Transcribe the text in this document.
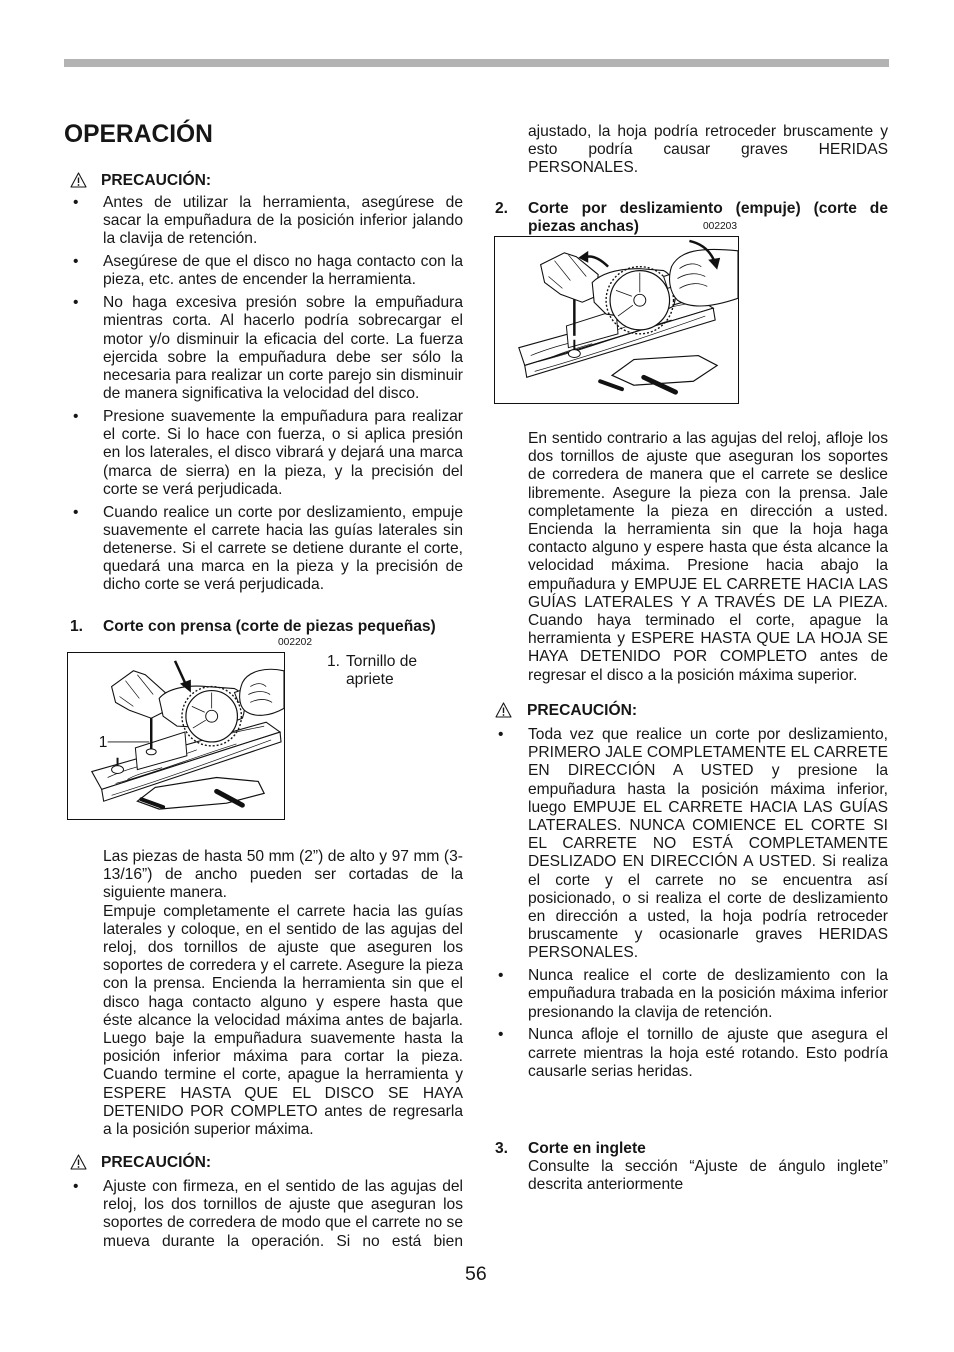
OPERACIÓN
PRECAUCIÓN:
• Antes de utilizar la herramienta, asegúrese de sacar la empuñadura de la posición inferior jalando la clavija de retención.
• Asegúrese de que el disco no haga contacto con la pieza, etc. antes de encender la herramienta.
• No haga excesiva presión sobre la empuñadura mientras corta. Al hacerlo podría sobrecargar el motor y/o disminuir la eficacia del corte. La fuerza ejercida sobre la empuñadura debe ser sólo la necesaria para realizar un corte parejo sin disminuir de manera significativa la velocidad del disco.
• Presione suavemente la empuñadura para realizar el corte. Si lo hace con fuerza, o si aplica presión en los laterales, el disco vibrará y dejará una marca (marca de sierra) en la pieza, y la precisión del corte se verá perjudicada.
• Cuando realice un corte por deslizamiento, empuje suavemente el carrete hacia las guías laterales sin detenerse. Si el carrete se detiene durante el corte, quedará una marca en la pieza y la precisión de dicho corte se verá perjudicada.
1. Corte con prensa (corte de piezas pequeñas)
002202
1
1. Tornillo de apriete
Las piezas de hasta 50 mm (2”) de alto y 97 mm (3-13/16”) de ancho pueden ser cortadas de la siguiente manera.
Empuje completamente el carrete hacia las guías laterales y coloque, en el sentido de las agujas del reloj, dos tornillos de ajuste que aseguren los soportes de corredera y el carrete. Asegure la pieza con la prensa. Encienda la herramienta sin que el disco haga contacto alguno y espere hasta que éste alcance la velocidad máxima antes de bajarla. Luego baje la empuñadura suavemente hasta la posición inferior máxima para cortar la pieza. Cuando termine el corte, apague la herramienta y ESPERE HASTA QUE EL DISCO SE HAYA DETENIDO POR COMPLETO antes de regresarla a la posición superior máxima.
PRECAUCIÓN:
• Ajuste con firmeza, en el sentido de las agujas del reloj, los dos tornillos de ajuste que aseguran los soportes de corredera de modo que el carrete no se mueva durante la operación. Si no está bien
ajustado, la hoja podría retroceder bruscamente y esto podría causar graves HERIDAS PERSONALES.
2. Corte por deslizamiento (empuje) (corte de piezas anchas)	002203
En sentido contrario a las agujas del reloj, afloje los dos tornillos de ajuste que aseguran los soportes de corredera de manera que el carrete se deslice libremente. Asegure la pieza con la prensa. Jale completamente la pieza en dirección a usted. Encienda la herramienta sin que la hoja haga contacto alguno y espere hasta que ésta alcance la velocidad máxima. Presione hacia abajo la empuñadura y EMPUJE EL CARRETE HACIA LAS GUÍAS LATERALES Y A TRAVÉS DE LA PIEZA. Cuando haya terminado el corte, apague la herramienta y ESPERE HASTA QUE LA HOJA SE HAYA DETENIDO POR COMPLETO antes de regresar el disco a la posición máxima superior.
PRECAUCIÓN:
• Toda vez que realice un corte por deslizamiento, PRIMERO JALE COMPLETAMENTE EL CARRETE EN DIRECCIÓN A USTED y presione la empuñadura hasta la posición máxima inferior, luego EMPUJE EL CARRETE HACIA LAS GUÍAS LATERALES. NUNCA COMIENCE EL CORTE SI EL CARRETE NO ESTÁ COMPLETAMENTE DESLIZADO EN DIRECCIÓN A USTED. Si realiza el corte y el carrete no se encuentra así posicionado, o si realiza el corte de deslizamiento en dirección a usted, la hoja podría retroceder bruscamente y ocasionarle graves HERIDAS PERSONALES.
• Nunca realice el corte de deslizamiento con la empuñadura trabada en la posición máxima inferior presionando la clavija de retención.
• Nunca afloje el tornillo de ajuste que asegura el carrete mientras la hoja esté rotando. Esto podría causarle serias heridas.
3. Corte en inglete
Consulte la sección “Ajuste de ángulo inglete” descrita anteriormente
56
